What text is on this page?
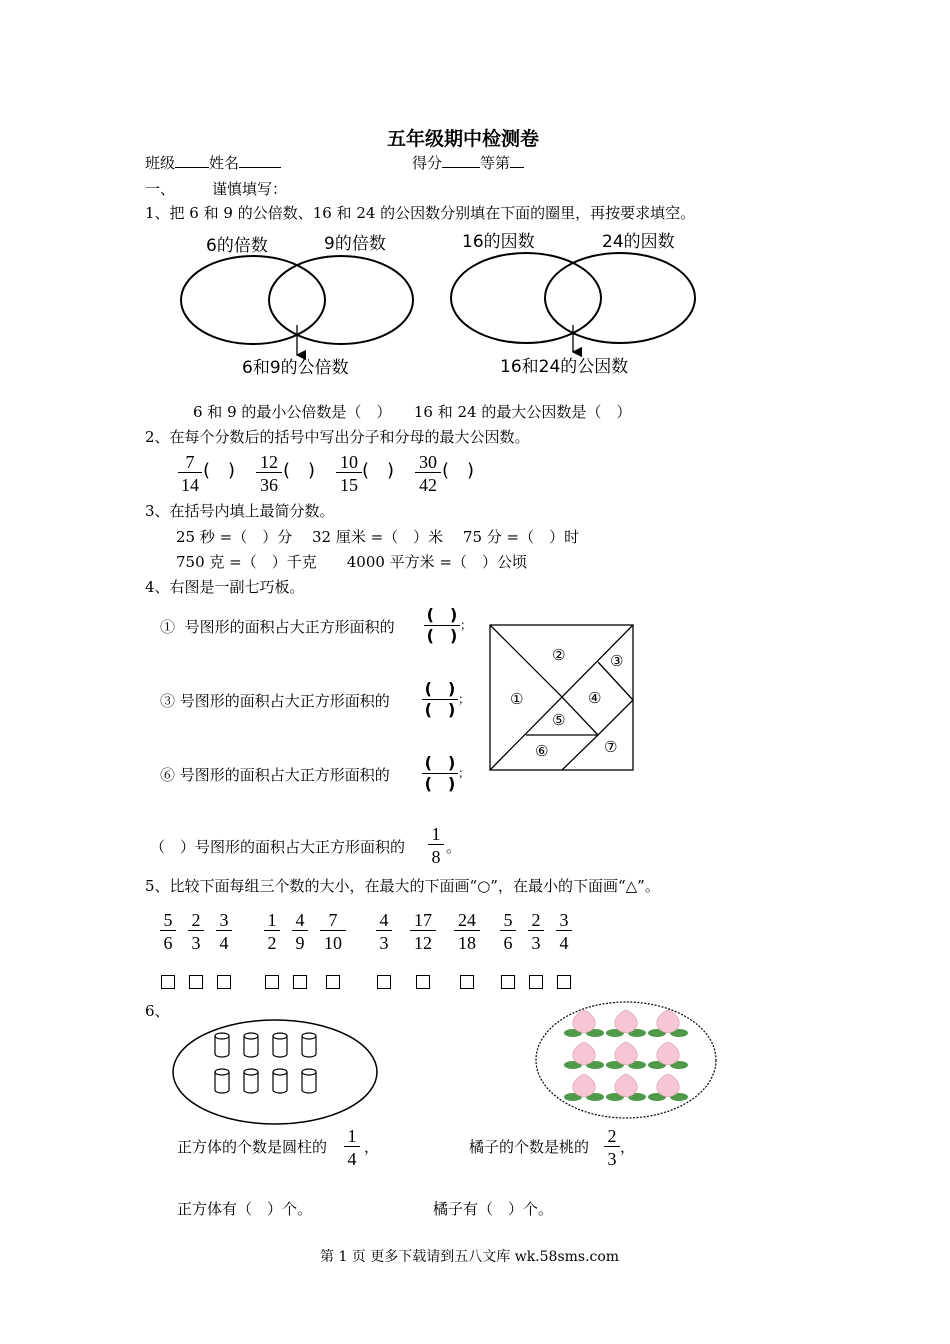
五年级期中检测卷
班级 姓名	得分	等第
一、 谨慎填写：
1、把 6 和 9 的公倍数、16 和 24 的公因数分别填在下面的圈里，再按要求填空。
6的倍数	9的倍数
6和9的公倍数
16的因数	24的因数
16和24的公因数
6 和 9 的最小公倍数是（　）　　16 和 24 的最大公因数是（　）
2、在每个分数后的括号中写出分子和分母的最大公因数。
$\frac{7}{14}$ (　) $\frac{12}{36}$ (　) $\frac{10}{15}$ (　) $\frac{30}{42}$ (　)
3、在括号内填上最简分数。
25 秒 =（　）分　 32 厘米 =（　）米　 75 分 =（　）时
750 克 =（　）千克　　4000 平方米 =（　）公顷
4、右图是一副七巧板。
① 号图形的面积占大正方形面积的
(　)
(　)
；
③ 号图形的面积占大正方形面积的
(　)
(　)
；
⑥ 号图形的面积占大正方形面积的
(　)
(　)
；
②	③
①	④
⑤
⑥	⑦
（　）号图形的面积占大正方形面积的 $\frac{1}{8}$ 。
5、比较下面每组三个数的大小，在最大的下面画“○”，在最小的下面画“△”。
$\frac{5}{6} \frac{2}{3} \frac{3}{4} \frac{1}{2} \frac{4}{9} \frac{7}{10} \frac{4}{3} \frac{17}{12} \frac{24}{18} \frac{5}{6} \frac{2}{3} \frac{3}{4}$
6、
正方体的个数是圆柱的 $\frac{1}{4}$ ，	橘子的个数是桃的 $\frac{2}{3}$ ，
正方体有（　）个。	橘子有（　）个。
第 1 页 更多下载请到五八文库 wk.58sms.com
